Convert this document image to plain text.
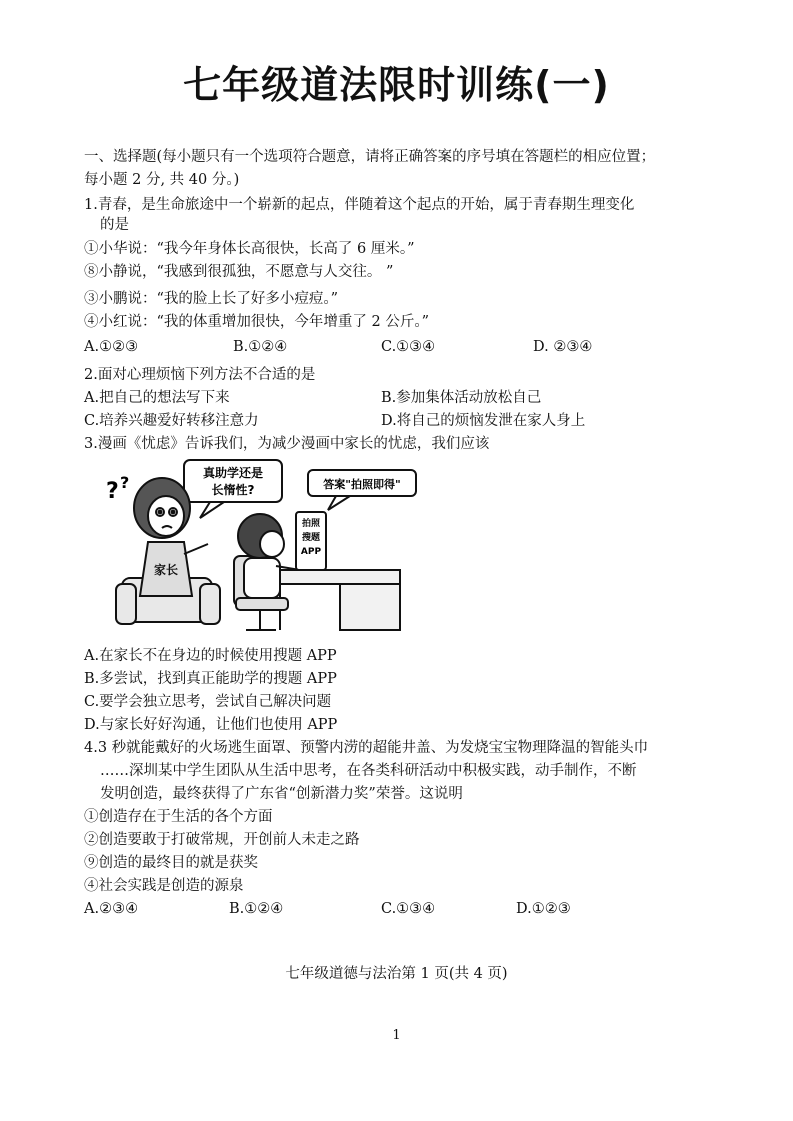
七年级道法限时训练(一)
一、选择题(每小题只有一个选项符合题意，请将正确答案的序号填在答题栏的相应位置；
每小题 2 分, 共 40 分。)
1.青春，是生命旅途中一个崭新的起点，伴随着这个起点的开始，属于青春期生理变化
的是
①小华说：“我今年身体长高很快，长高了 6 厘米。”
⑧小静说，“我感到很孤独，不愿意与人交往。 ”
③小鹏说：“我的脸上长了好多小痘痘。”
④小红说：“我的体重增加很快，今年增重了 2 公斤。”
A.①②③	B.①②④	C.①③④	D. ②③④
2.面对心理烦恼下列方法不合适的是
A.把自己的想法写下来	B.参加集体活动放松自己
C.培养兴趣爱好转移注意力	D.将自己的烦恼发泄在家人身上
3.漫画《忧虑》告诉我们，为减少漫画中家长的忧虑，我们应该
真助学还是
长惰性?	答案"拍照即得"
? ?
家长
拍照
搜题
APP
A.在家长不在身边的时候使用搜题 APP
B.多尝试，找到真正能助学的搜题 APP
C.要学会独立思考，尝试自己解决问题
D.与家长好好沟通，让他们也使用 APP
4.3 秒就能戴好的火场逃生面罩、预警内涝的超能井盖、为发烧宝宝物理降温的智能头巾
……深圳某中学生团队从生活中思考，在各类科研活动中积极实践，动手制作，不断
发明创造，最终获得了广东省“创新潜力奖”荣誉。这说明
①创造存在于生活的各个方面
②创造要敢于打破常规，开创前人未走之路
⑨创造的最终目的就是获奖
④社会实践是创造的源泉
A.②③④	B.①②④	C.①③④	D.①②③
七年级道德与法治第 1 页(共 4 页)
1
